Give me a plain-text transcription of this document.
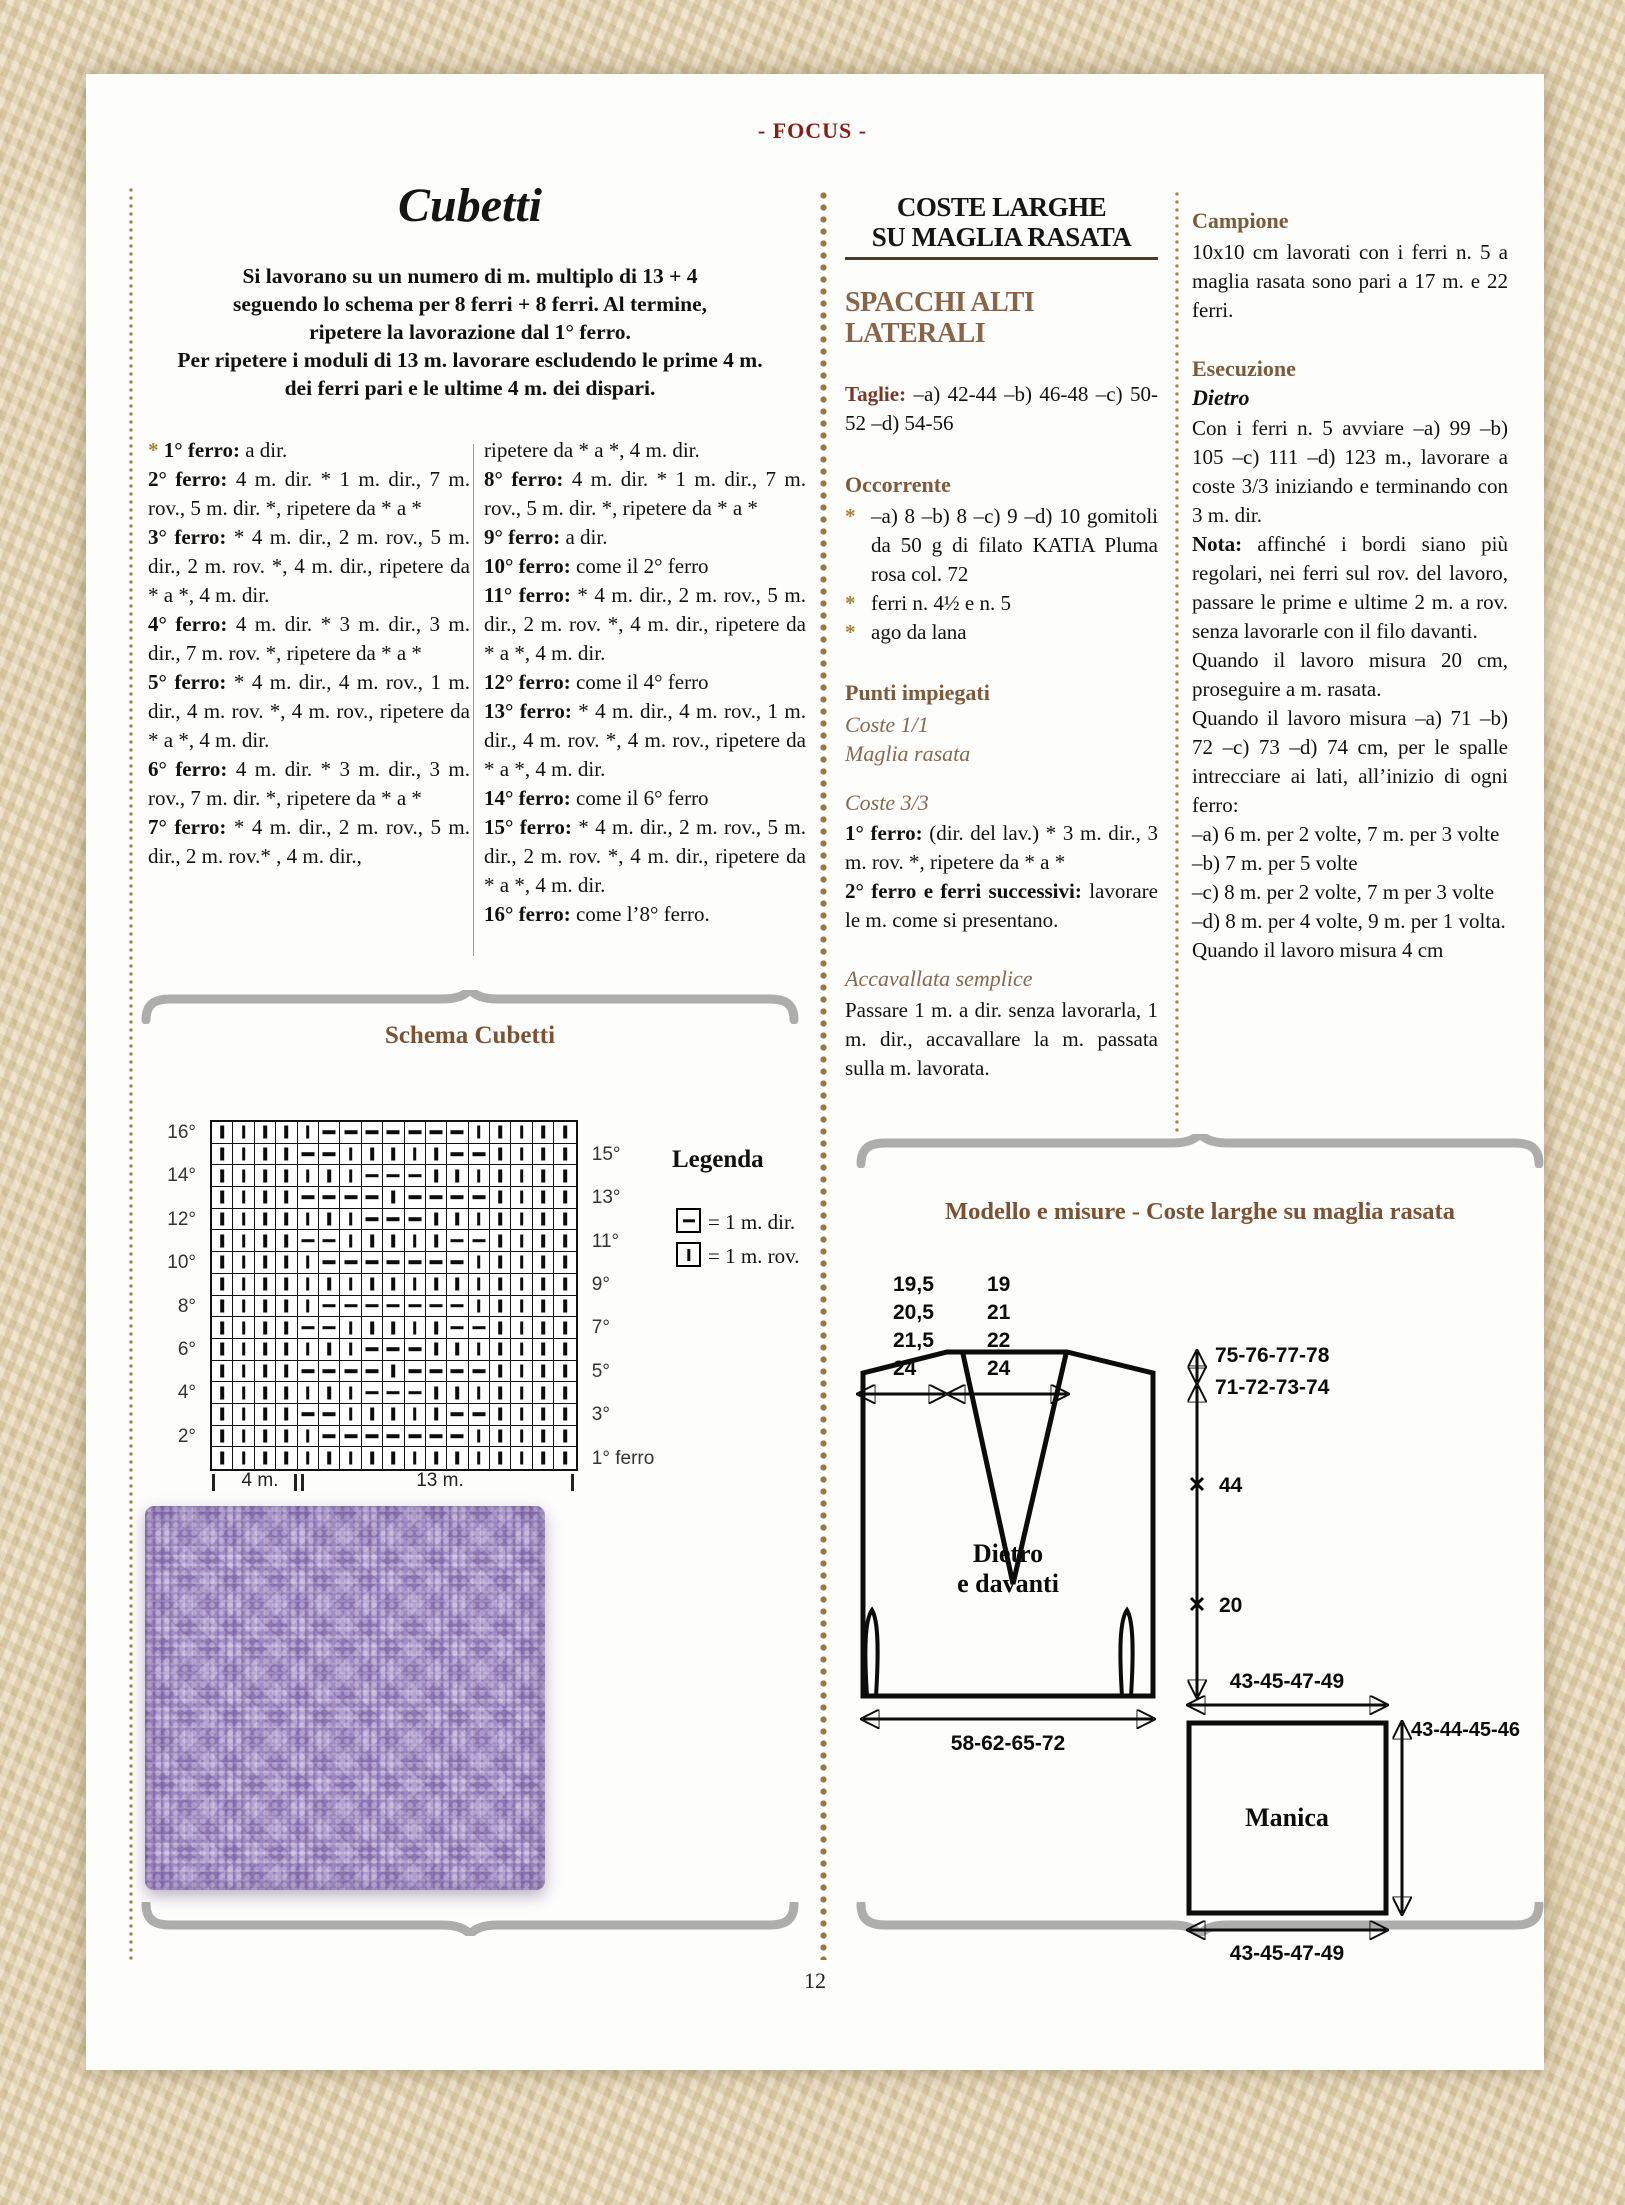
- FOCUS -
Cubetti
Si lavorano su un numero di m. multiplo di 13 + 4
seguendo lo schema per 8 ferri + 8 ferri. Al termine,
ripetere la lavorazione dal 1° ferro.
Per ripetere i moduli di 13 m. lavorare escludendo le prime 4 m.
dei ferri pari e le ultime 4 m. dei dispari.
* 1° ferro: a dir.
2° ferro: 4 m. dir. * 1 m. dir., 7 m. rov., 5 m. dir. *, ripetere da * a *
3° ferro: * 4 m. dir., 2 m. rov., 5 m. dir., 2 m. rov. *, 4 m. dir., ripetere da * a *, 4 m. dir.
4° ferro: 4 m. dir. * 3 m. dir., 3 m. dir., 7 m. rov. *, ripetere da * a *
5° ferro: * 4 m. dir., 4 m. rov., 1 m. dir., 4 m. rov. *, 4 m. rov., ripetere da * a *, 4 m. dir.
6° ferro: 4 m. dir. * 3 m. dir., 3 m. rov., 7 m. dir. *, ripetere da * a *
7° ferro: * 4 m. dir., 2 m. rov., 5 m. dir., 2 m. rov.* , 4 m. dir.,
ripetere da * a *, 4 m. dir.
8° ferro: 4 m. dir. * 1 m. dir., 7 m. rov., 5 m. dir. *, ripetere da * a *
9° ferro: a dir.
10° ferro: come il 2° ferro
11° ferro: * 4 m. dir., 2 m. rov., 5 m. dir., 2 m. rov. *, 4 m. dir., ripetere da * a *, 4 m. dir.
12° ferro: come il 4° ferro
13° ferro: * 4 m. dir., 4 m. rov., 1 m. dir., 4 m. rov. *, 4 m. rov., ripetere da * a *, 4 m. dir.
14° ferro: come il 6° ferro
15° ferro: * 4 m. dir., 2 m. rov., 5 m. dir., 2 m. rov. *, 4 m. dir., ripetere da * a *, 4 m. dir.
16° ferro: come l’8° ferro.
Schema Cubetti
16°
14°
12°
10°
8°
6°
4°
2°
15°
13°
11°
9°
7°
5°
3°
1° ferro
4 m.	13 m.
Legenda
= 1 m. dir.
= 1 m. rov.
COSTE LARGHE
SU MAGLIA RASATA
SPACCHI ALTI
LATERALI
Taglie: –a) 42-44 –b) 46-48 –c) 50-52 –d) 54-56
Occorrente
* –a) 8 –b) 8 –c) 9 –d) 10 gomitoli da 50 g di filato KATIA Pluma rosa col. 72
* ferri n. 4½ e n. 5
* ago da lana
Punti impiegati
Coste 1/1
Maglia rasata
Coste 3/3
1° ferro: (dir. del lav.) * 3 m. dir., 3 m. rov. *, ripetere da * a *
2° ferro e ferri successivi: lavorare le m. come si presentano.
Accavallata semplice
Passare 1 m. a dir. senza lavorarla, 1 m. dir., accavallare la m. passata sulla m. lavorata.
Campione
10x10 cm lavorati con i ferri n. 5 a maglia rasata sono pari a 17 m. e 22 ferri.
Esecuzione
Dietro
Con i ferri n. 5 avviare –a) 99 –b) 105 –c) 111 –d) 123 m., lavorare a coste 3/3 iniziando e terminando con 3 m. dir.
Nota: affinché i bordi siano più regolari, nei ferri sul rov. del lavoro, passare le prime e ultime 2 m. a rov. senza lavorarle con il filo davanti.
Quando il lavoro misura 20 cm, proseguire a m. rasata.
Quando il lavoro misura –a) 71 –b) 72 –c) 73 –d) 74 cm, per le spalle intrecciare ai lati, all’inizio di ogni ferro:
–a) 6 m. per 2 volte, 7 m. per 3 volte
–b) 7 m. per 5 volte
–c) 8 m. per 2 volte, 7 m per 3 volte
–d) 8 m. per 4 volte, 9 m. per 1 volta.
Quando il lavoro misura 4 cm
Modello e misure - Coste larghe su maglia rasata
19,5
20,5
21,5
24
19
21
22
24
75-76-77-78
71-72-73-74
44
20
Dietro
e davanti
58-62-65-72
Manica
43-45-47-49
43-44-45-46
43-45-47-49
12
